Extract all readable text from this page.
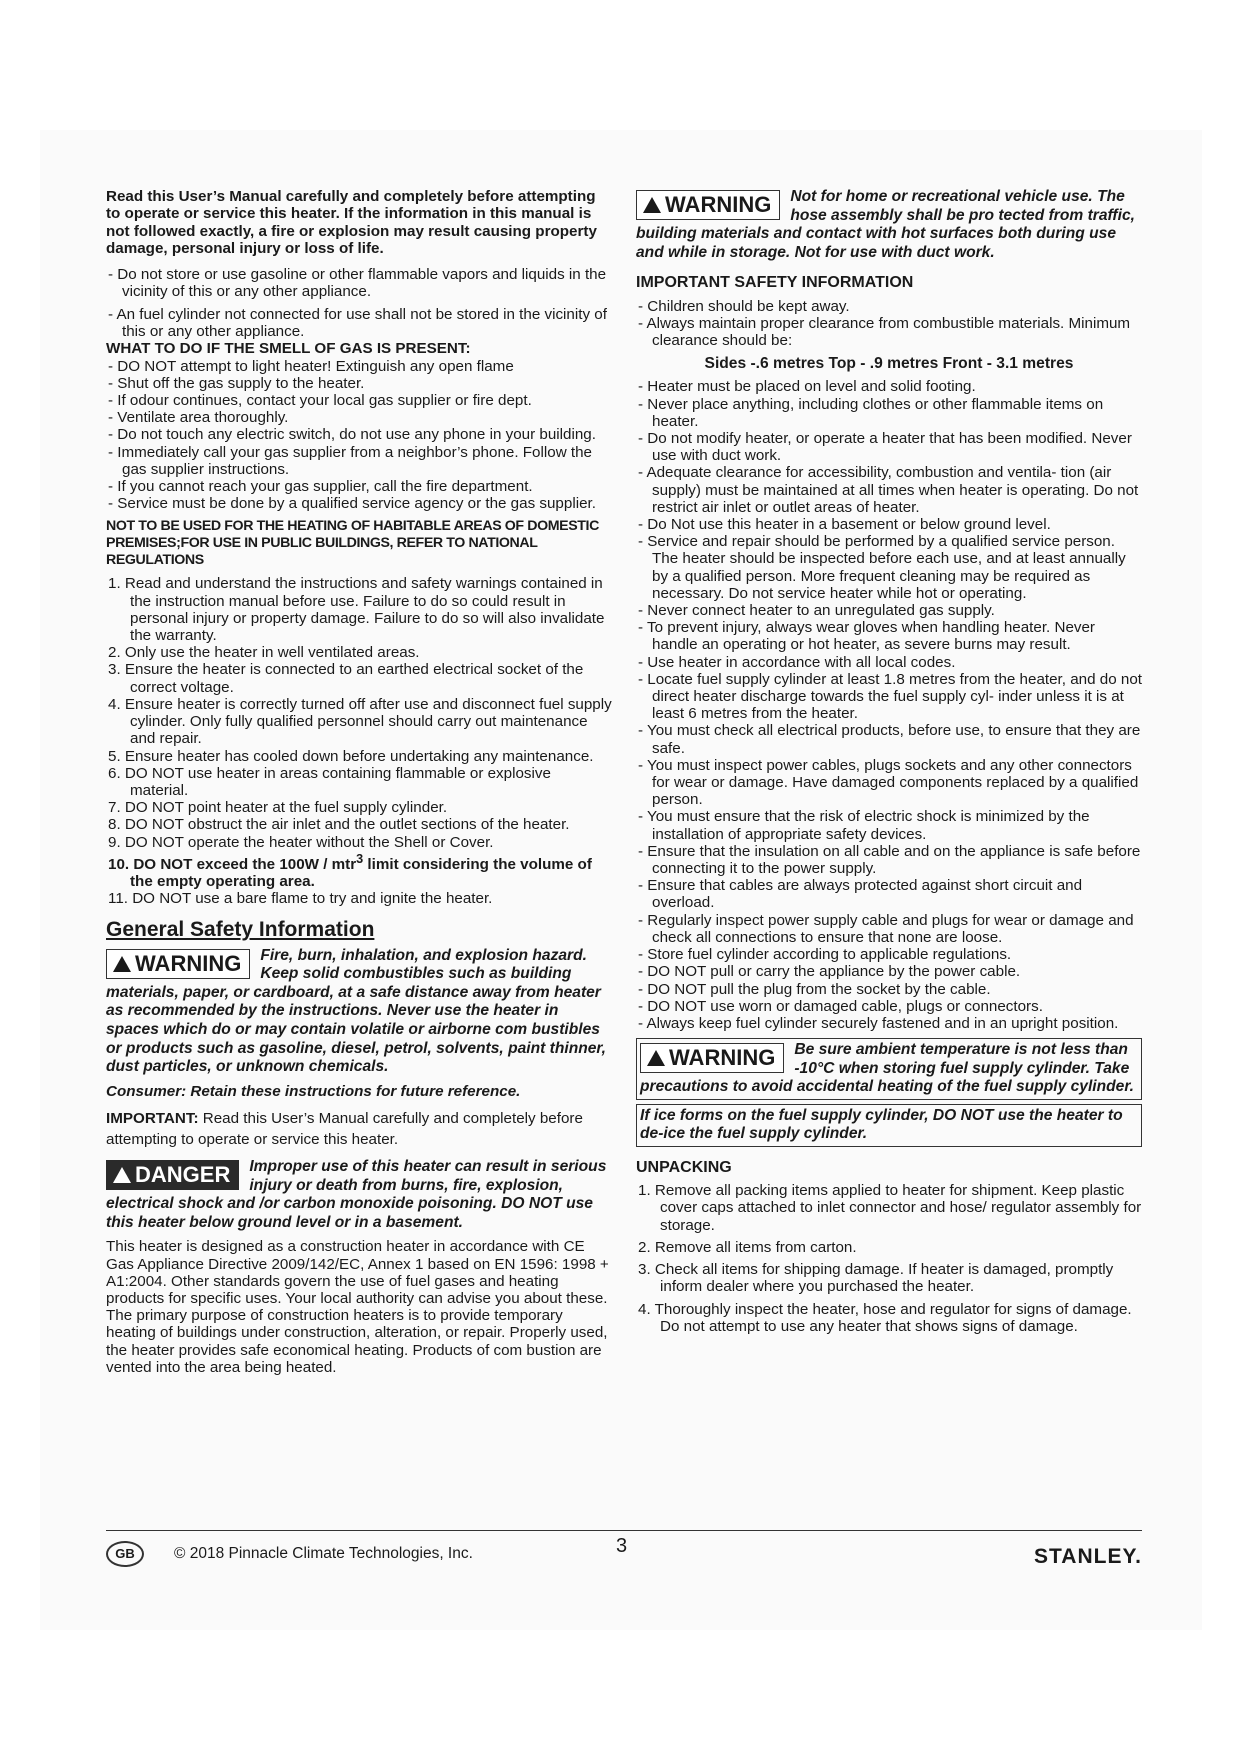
Read this User’s Manual carefully and completely before attempting to operate or service this heater. If the information in this manual is not followed exactly, a fire or explosion may result causing property damage, personal injury or loss of life.

- Do not store or use gasoline or other flammable vapors and liquids in the vicinity of this or any other appliance.

- An fuel cylinder not connected for use shall not be stored in the vicinity of this or any other appliance.

WHAT TO DO IF THE SMELL OF GAS IS PRESENT:

- DO NOT attempt to light heater! Extinguish any open flame

- Shut off the gas supply to the heater.

- If odour continues, contact your local gas supplier or fire dept.

- Ventilate area thoroughly.

- Do not touch any electric switch, do not use any phone in your building.

- Immediately call your gas supplier from a neighbor’s phone. Follow the gas supplier instructions.

- If you cannot reach your gas supplier, call the fire department.

- Service must be done by a qualified service agency or the gas supplier.

NOT TO BE USED FOR THE HEATING OF HABITABLE AREAS OF DOMESTIC PREMISES;FOR USE IN PUBLIC BUILDINGS, REFER TO NATIONAL REGULATIONS

1. Read and understand the instructions and safety warnings contained in the instruction manual before use. Failure to do so could result in personal injury or property damage. Failure to do so will also invalidate the warranty.
2. Only use the heater in well ventilated areas.
3. Ensure the heater is connected to an earthed electrical socket of the correct voltage.
4. Ensure heater is correctly turned off after use and disconnect fuel supply cylinder. Only fully qualified personnel should carry out maintenance and repair.
5. Ensure heater has cooled down before undertaking any maintenance.
6. DO NOT use heater in areas containing flammable or explosive material.
7. DO NOT point heater at the fuel supply cylinder.
8. DO NOT obstruct the air inlet and the outlet sections of the heater.
9. DO NOT operate the heater without the Shell or Cover.
10. DO NOT exceed the 100W / mtr$^3$ limit considering the volume of the empty operating area.
11. DO NOT use a bare flame to try and ignite the heater.

General Safety Information

WARNING	Fire, burn, inhalation, and explosion hazard. Keep solid combustibles such as building materials, paper, or cardboard, at a safe distance away from heater as recommended by the instructions. Never use the heater in spaces which do or may contain volatile or airborne com bustibles or products such as gasoline, diesel, petrol, solvents, paint thinner, dust particles, or unknown chemicals.

Consumer: Retain these instructions for future reference.

IMPORTANT: Read this User’s Manual carefully and completely before attempting to operate or service this heater.

DANGER	Improper use of this heater can result in serious injury or death from burns, fire, explosion, electrical shock and /or carbon monoxide poisoning. DO NOT use this heater below ground level or in a basement.

This heater is designed as a construction heater in accordance with CE Gas Appliance Directive 2009/142/EC, Annex 1 based on EN 1596: 1998 + A1:2004. Other standards govern the use of fuel gases and heating products for specific uses. Your local authority can advise you about these. The primary purpose of construction heaters is to provide temporary heating of buildings under construction, alteration, or repair. Properly used, the heater provides safe economical heating. Products of com bustion are vented into the area being heated.

WARNING	Not for home or recreational vehicle use. The hose assembly shall be pro tected from traffic, building materials and contact with hot surfaces both during use and while in storage. Not for use with duct work.

IMPORTANT SAFETY INFORMATION

- Children should be kept away.

- Always maintain proper clearance from combustible materials. Minimum clearance should be:

Sides -.6 metres Top - .9 metres Front - 3.1 metres

- Heater must be placed on level and solid footing.

- Never place anything, including clothes or other flammable items on heater.

- Do not modify heater, or operate a heater that has been modified. Never use with duct work.

- Adequate clearance for accessibility, combustion and ventila- tion (air supply) must be maintained at all times when heater is operating. Do not restrict air inlet or outlet areas of heater.

- Do Not use this heater in a basement or below ground level.

- Service and repair should be performed by a qualified service person. The heater should be inspected before each use, and at least annually by a qualified person. More frequent cleaning may be required as necessary. Do not service heater while hot or operating.

- Never connect heater to an unregulated gas supply.

- To prevent injury, always wear gloves when handling heater. Never handle an operating or hot heater, as severe burns may result.

- Use heater in accordance with all local codes.

- Locate fuel supply cylinder at least 1.8 metres from the heater, and do not direct heater discharge towards the fuel supply cyl- inder unless it is at least 6 metres from the heater.

- You must check all electrical products, before use, to ensure that they are safe.

- You must inspect power cables, plugs sockets and any other connectors for wear or damage. Have damaged components replaced by a qualified person.

- You must ensure that the risk of electric shock is minimized by the installation of appropriate safety devices.

- Ensure that the insulation on all cable and on the appliance is safe before connecting it to the power supply.

- Ensure that cables are always protected against short circuit and overload.

- Regularly inspect power supply cable and plugs for wear or damage and check all connections to ensure that none are loose.

- Store fuel cylinder according to applicable regulations.

- DO NOT pull or carry the appliance by the power cable.

- DO NOT pull the plug from the socket by the cable.

- DO NOT use worn or damaged cable, plugs or connectors.

- Always keep fuel cylinder securely fastened and in an upright position.

WARNING	Be sure ambient temperature is not less than -10°C when storing fuel supply cylinder. Take precautions to avoid accidental heating of the fuel supply cylinder.

If ice forms on the fuel supply cylinder, DO NOT use the heater to de-ice the fuel supply cylinder.

UNPACKING

1. Remove all packing items applied to heater for shipment. Keep plastic cover caps attached to inlet connector and hose/ regulator assembly for storage.

2. Remove all items from carton.

3. Check all items for shipping damage. If heater is damaged, promptly inform dealer where you purchased the heater.

4. Thoroughly inspect the heater, hose and regulator for signs of damage. Do not attempt to use any heater that shows signs of damage.

GB	© 2018 Pinnacle Climate Technologies, Inc.	3	STANLEY.
